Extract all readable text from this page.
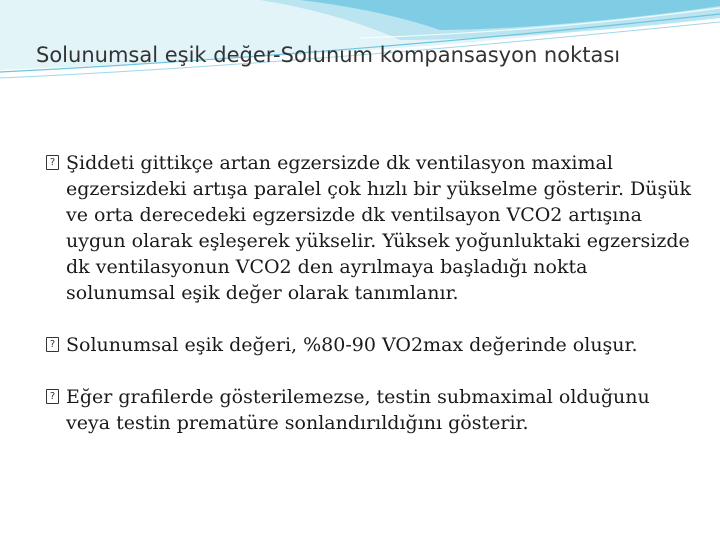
Solunumsal eşik değer-Solunum kompansasyon noktası
? Şiddeti gittikçe artan egzersizde dk ventilasyon maximal egzersizdeki artışa paralel çok hızlı bir yükselme gösterir. Düşük ve orta derecedeki egzersizde dk ventilsayon VCO2 artışına uygun olarak eşleşerek yükselir. Yüksek yoğunluktaki egzersizde dk ventilasyonun VCO2 den ayrılmaya başladığı nokta solunumsal eşik değer olarak tanımlanır.
? Solunumsal eşik değeri, %80-90 VO2max değerinde oluşur.
? Eğer grafilerde gösterilemezse, testin submaximal olduğunu veya testin prematüre sonlandırıldığını gösterir.
